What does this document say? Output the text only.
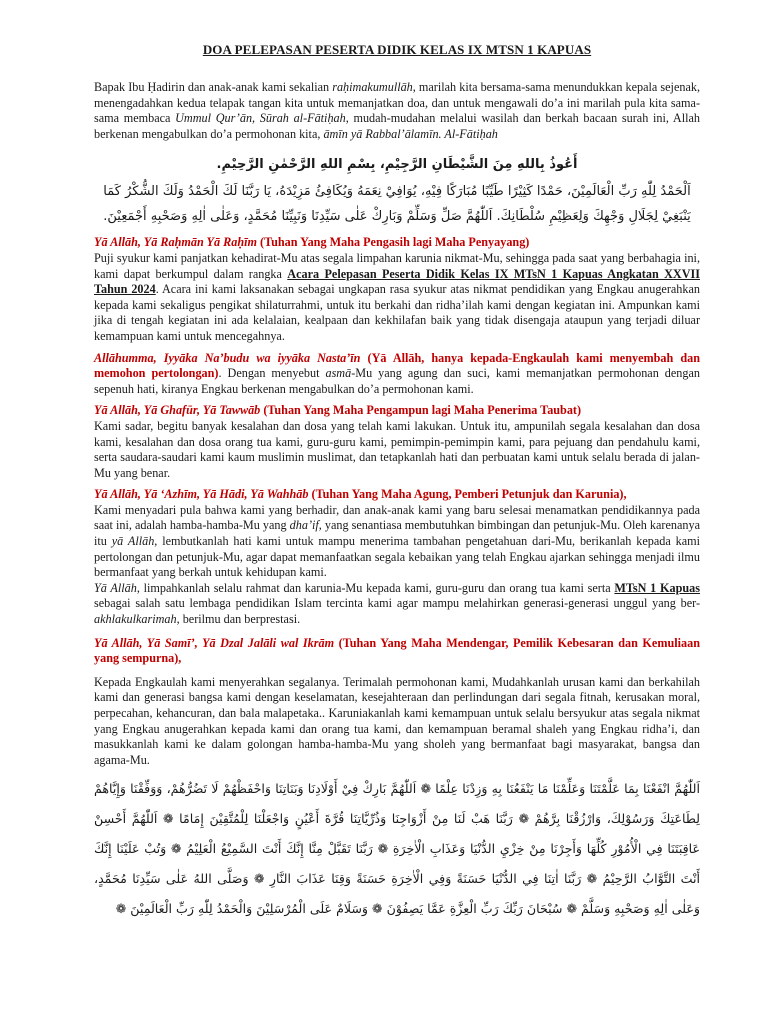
DOA PELEPASAN PESERTA DIDIK KELAS IX MTSN 1 KAPUAS

Bapak Ibu Ḥadirin dan anak-anak kami sekalian raḥimakumullāh, marilah kita bersama-sama menundukkan kepala sejenak, menengadahkan kedua telapak tangan kita untuk memanjatkan doa, dan untuk mengawali do’a ini marilah pula kita sama-sama membaca Ummul Qur’ān, Sūrah al-Fātiḥah, mudah-mudahan melalui wasilah dan berkah bacaan surah ini, Allah berkenan mengabulkan do’a permohonan kita, āmīn yā Rabbal’ālamīn. Al-Fātiḥah

أَعُوذُ بِاللهِ مِنَ الشَّيْطَانِ الرَّجِيْمِ، بِسْمِ اللهِ الرَّحْمٰنِ الرَّحِيْمِ.

اَلْحَمْدُ لِلّٰهِ رَبِّ الْعَالَمِيْنَ، حَمْدًا كَثِيْرًا طَيِّبًا مُبَارَكًا فِيْهِ، يُوَافِيْ نِعَمَهُ وَيُكَافِئُ مَزِيْدَهُ، يَا رَبَّنَا لَكَ الْحَمْدُ وَلَكَ الشُّكْرُ كَمَا يَنْبَغِيْ لِجَلَالِ وَجْهِكَ وَلِعَظِيْمِ سُلْطَانِكَ. اَللّٰهُمَّ صَلِّ وَسَلِّمْ وَبَارِكْ عَلٰى سَيِّدِنَا وَنَبِيِّنَا مُحَمَّدٍ، وَعَلٰى اٰلِهِ وَصَحْبِهِ أَجْمَعِيْنَ.

Yā Allāh, Yā Raḥmān Yā Raḥīm (Tuhan Yang Maha Pengasih lagi Maha Penyayang)

Puji syukur kami panjatkan kehadirat-Mu atas segala limpahan karunia nikmat-Mu, sehingga pada saat yang berbahagia ini, kami dapat berkumpul dalam rangka Acara Pelepasan Peserta Didik Kelas IX MTsN 1 Kapuas Angkatan XXVII Tahun 2024. Acara ini kami laksanakan sebagai ungkapan rasa syukur atas nikmat pendidikan yang Engkau anugerahkan kepada kami sekaligus pengikat shilaturrahmi, untuk itu berkahi dan ridha’ilah kami dengan kegiatan ini. Ampunkan kami jika di tengah kegiatan ini ada kelalaian, kealpaan dan kekhilafan baik yang tidak disengaja ataupun yang terjadi diluar kemampuan kami untuk mencegahnya.

Allāhumma, Iyyāka Na’budu wa iyyāka Nasta’īn (Yā Allāh, hanya kepada-Engkaulah kami menyembah dan memohon pertolongan). Dengan menyebut asmā-Mu yang agung dan suci, kami memanjatkan permohonan dengan sepenuh hati, kiranya Engkau berkenan mengabulkan do’a permohonan kami.

Yā Allāh, Yā Ghafūr, Yā Tawwāb (Tuhan Yang Maha Pengampun lagi Maha Penerima Taubat)

Kami sadar, begitu banyak kesalahan dan dosa yang telah kami lakukan. Untuk itu, ampunilah segala kesalahan dan dosa kami, kesalahan dan dosa orang tua kami, guru-guru kami, pemimpin-pemimpin kami, para pejuang dan pendahulu kami, serta saudara-saudari kami kaum muslimin muslimat, dan tetapkanlah hati dan perbuatan kami untuk selalu berada di jalan-Mu yang benar.

Yā Allāh, Yā ‘Azhīm, Yā Hādi, Yā Wahhāb (Tuhan Yang Maha Agung, Pemberi Petunjuk dan Karunia),

Kami menyadari pula bahwa kami yang berhadir, dan anak-anak kami yang baru selesai menamatkan pendidikannya pada saat ini, adalah hamba-hamba-Mu yang dha’if, yang senantiasa membutuhkan bimbingan dan petunjuk-Mu. Oleh karenanya itu yā Allāh, lembutkanlah hati kami untuk mampu menerima tambahan pengetahuan dari-Mu, berikanlah kepada kami pertolongan dan petunjuk-Mu, agar dapat memanfaatkan segala kebaikan yang telah Engkau ajarkan sehingga menjadi ilmu bermanfaat yang berkah untuk kehidupan kami.

Yā Allāh, limpahkanlah selalu rahmat dan karunia-Mu kepada kami, guru-guru dan orang tua kami serta MTsN 1 Kapuas sebagai salah satu lembaga pendidikan Islam tercinta kami agar mampu melahirkan generasi-generasi unggul yang ber-akhlakulkarimah, berilmu dan berprestasi.

Yā Allāh, Yā Samī’, Yā Dzal Jalāli wal Ikrām (Tuhan Yang Maha Mendengar, Pemilik Kebesaran dan Kemuliaan yang sempurna),

Kepada Engkaulah kami menyerahkan segalanya. Terimalah permohonan kami, Mudahkanlah urusan kami dan berkahilah kami dan generasi bangsa kami dengan keselamatan, kesejahteraan dan perlindungan dari segala fitnah, kerusakan moral, perpecahan, kehancuran, dan bala malapetaka.. Karuniakanlah kami kemampuan untuk selalu bersyukur atas segala nikmat yang Engkau anugerahkan kepada kami dan orang tua kami, dan kemampuan beramal shaleh yang Engkau ridha’i, dan masukkanlah kami ke dalam golongan hamba-hamba-Mu yang sholeh yang bermanfaat bagi masyarakat, bangsa dan agama-Mu.

اَللّٰهُمَّ انْفَعْنَا بِمَا عَلَّمْتَنَا وَعَلِّمْنَا مَا يَنْفَعُنَا بِهِ وَزِدْنَا عِلْمًا ❁ اَللّٰهُمَّ بَارِكْ فِيْ أَوْلَادِنَا وَبَنَاتِنَا وَاحْفَظْهُمْ لَا تَضُرُّهُمْ، وَوَفِّقْنَا وَإِيَّاهُمْ لِطَاعَتِكَ وَرَسُوْلِكَ، وَارْزُقْنَا بِرَّهُمْ ❁ رَبَّنَا هَبْ لَنَا مِنْ أَزْوَاجِنَا وَذُرِّيَّاتِنَا قُرَّةَ أَعْيُنٍ وَاجْعَلْنَا لِلْمُتَّقِيْنَ إِمَامًا ❁ اَللّٰهُمَّ أَحْسِنْ عَاقِبَتَنَا فِي الْأُمُوْرِ كُلِّهَا وَأَجِرْنَا مِنْ خِزْيِ الدُّنْيَا وَعَذَابِ الْاٰخِرَةِ ❁ رَبَّنَا تَقَبَّلْ مِنَّا إِنَّكَ أَنْتَ السَّمِيْعُ الْعَلِيْمُ ❁ وَتُبْ عَلَيْنَا إِنَّكَ أَنْتَ التَّوَّابُ الرَّحِيْمُ ❁ رَبَّنَا اٰتِنَا فِي الدُّنْيَا حَسَنَةً وَفِي الْاٰخِرَةِ حَسَنَةً وَقِنَا عَذَابَ النَّارِ ❁ وَصَلَّى اللهُ عَلٰى سَيِّدِنَا مُحَمَّدٍ، وَعَلٰى اٰلِهِ وَصَحْبِهِ وَسَلَّمْ ❁ سُبْحَانَ رَبِّكَ رَبِّ الْعِزَّةِ عَمَّا يَصِفُوْنَ ❁ وَسَلَامٌ عَلَى الْمُرْسَلِيْنَ وَالْحَمْدُ لِلّٰهِ رَبِّ الْعَالَمِيْنَ ❁
